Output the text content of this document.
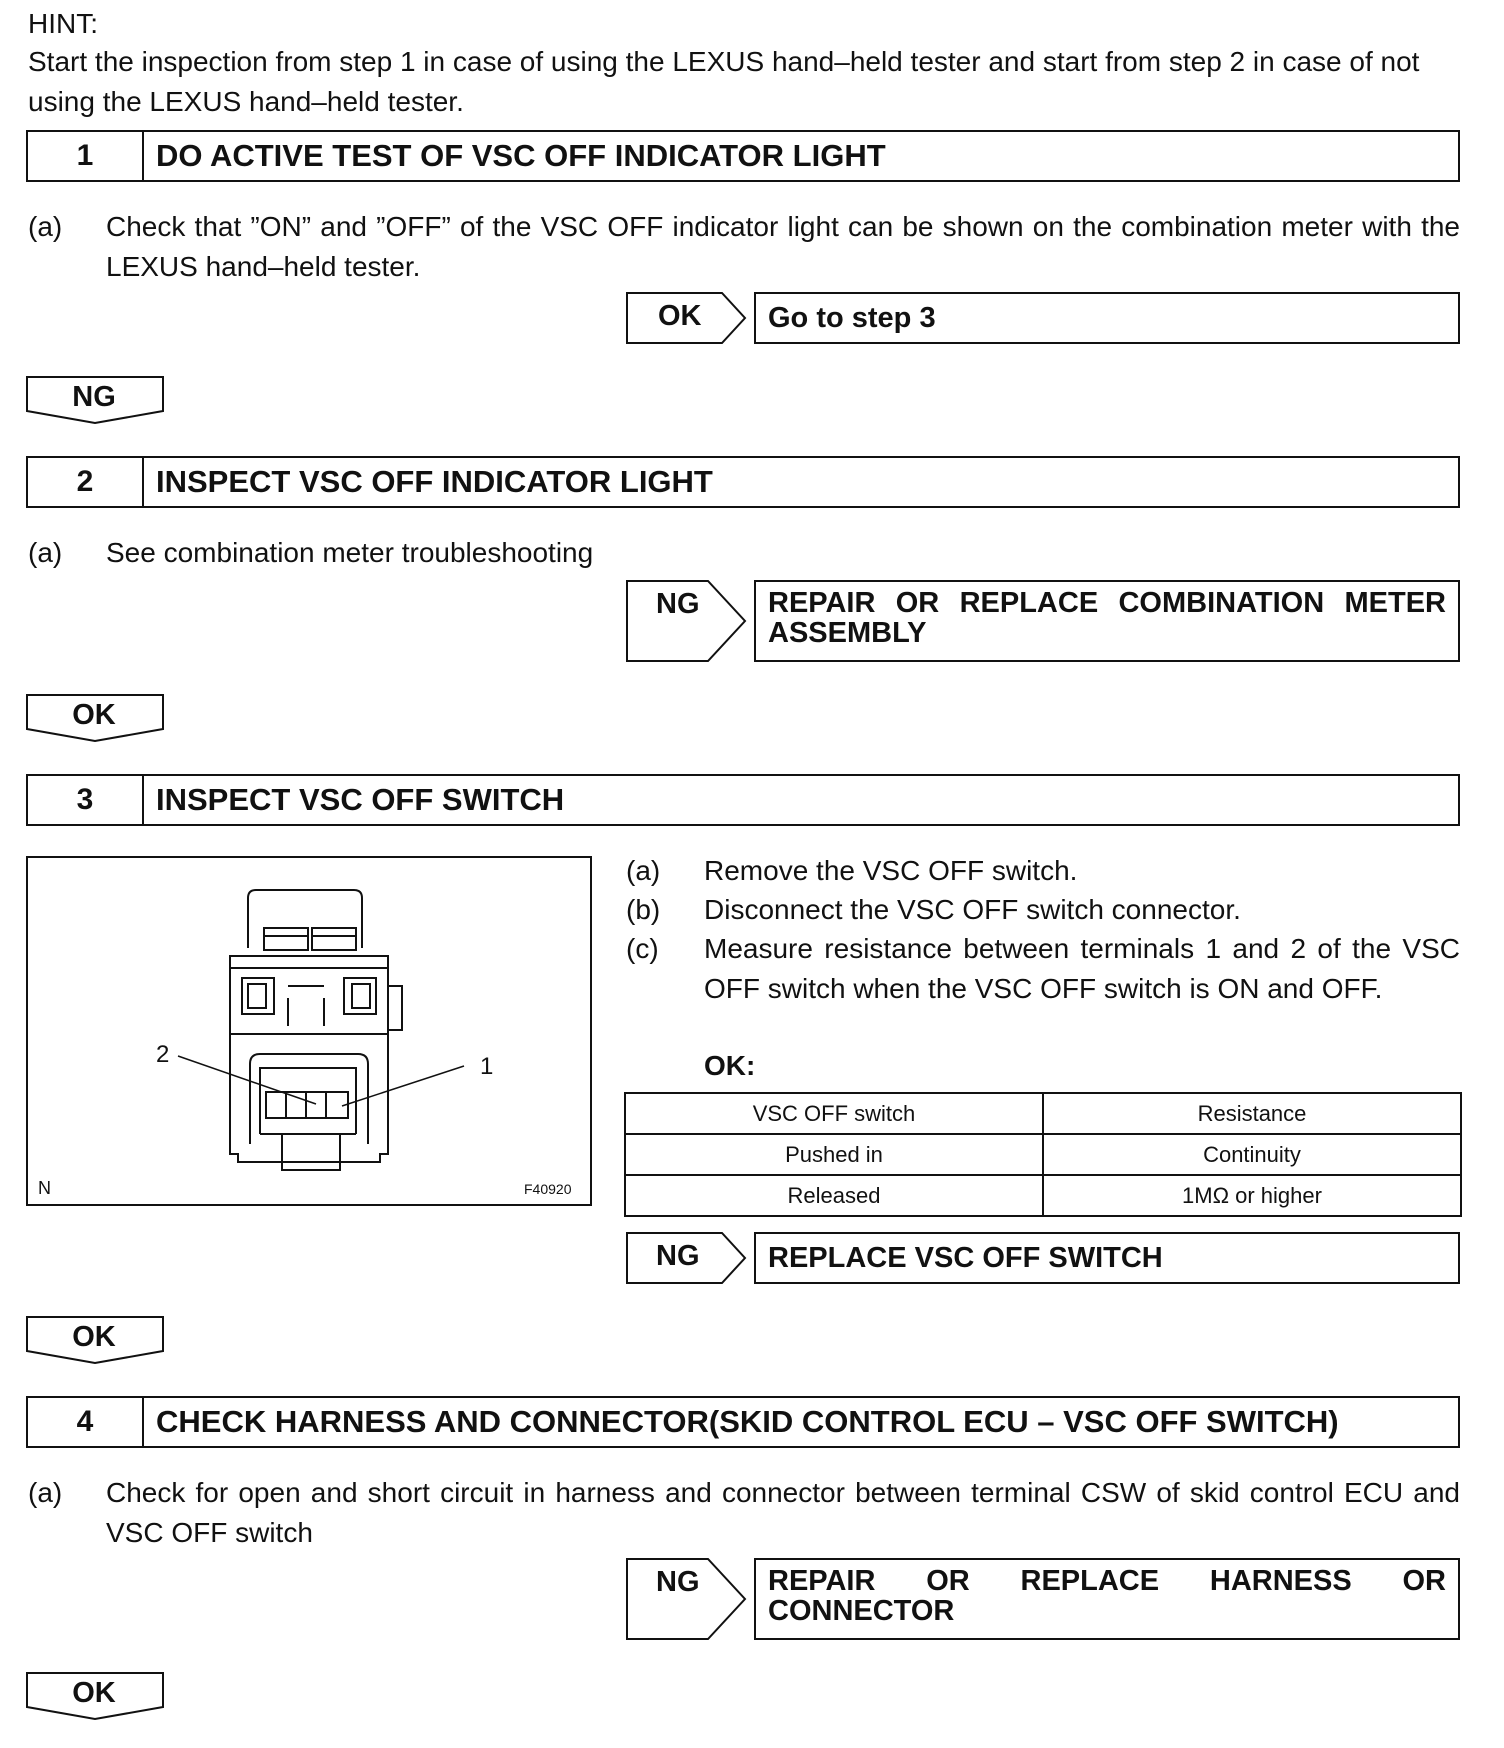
HINT:
Start the inspection from step 1 in case of using the LEXUS hand–held tester and start from step 2 in case of not using the LEXUS hand–held tester.
1	DO ACTIVE TEST OF VSC OFF INDICATOR LIGHT
(a) Check that ”ON” and ”OFF” of the VSC OFF indicator light can be shown on the combination meter with the LEXUS hand–held tester.
OK	Go to step 3
NG
2	INSPECT VSC OFF INDICATOR LIGHT
(a) See combination meter troubleshooting
NG	REPAIR OR REPLACE COMBINATION METER ASSEMBLY
OK
3	INSPECT VSC OFF SWITCH
2	1
N	F40920
(a) Remove the VSC OFF switch.
(b) Disconnect the VSC OFF switch connector.
(c) Measure resistance between terminals 1 and 2 of the VSC OFF switch when the VSC OFF switch is ON and OFF.
OK:
VSC OFF switch	Resistance
Pushed in	Continuity
Released	1MΩ or higher
NG	REPLACE VSC OFF SWITCH
OK
4	CHECK HARNESS AND CONNECTOR(SKID CONTROL ECU – VSC OFF SWITCH)
(a) Check for open and short circuit in harness and connector between terminal CSW of skid control ECU and VSC OFF switch
NG	REPAIR OR REPLACE HARNESS OR CONNECTOR
OK
